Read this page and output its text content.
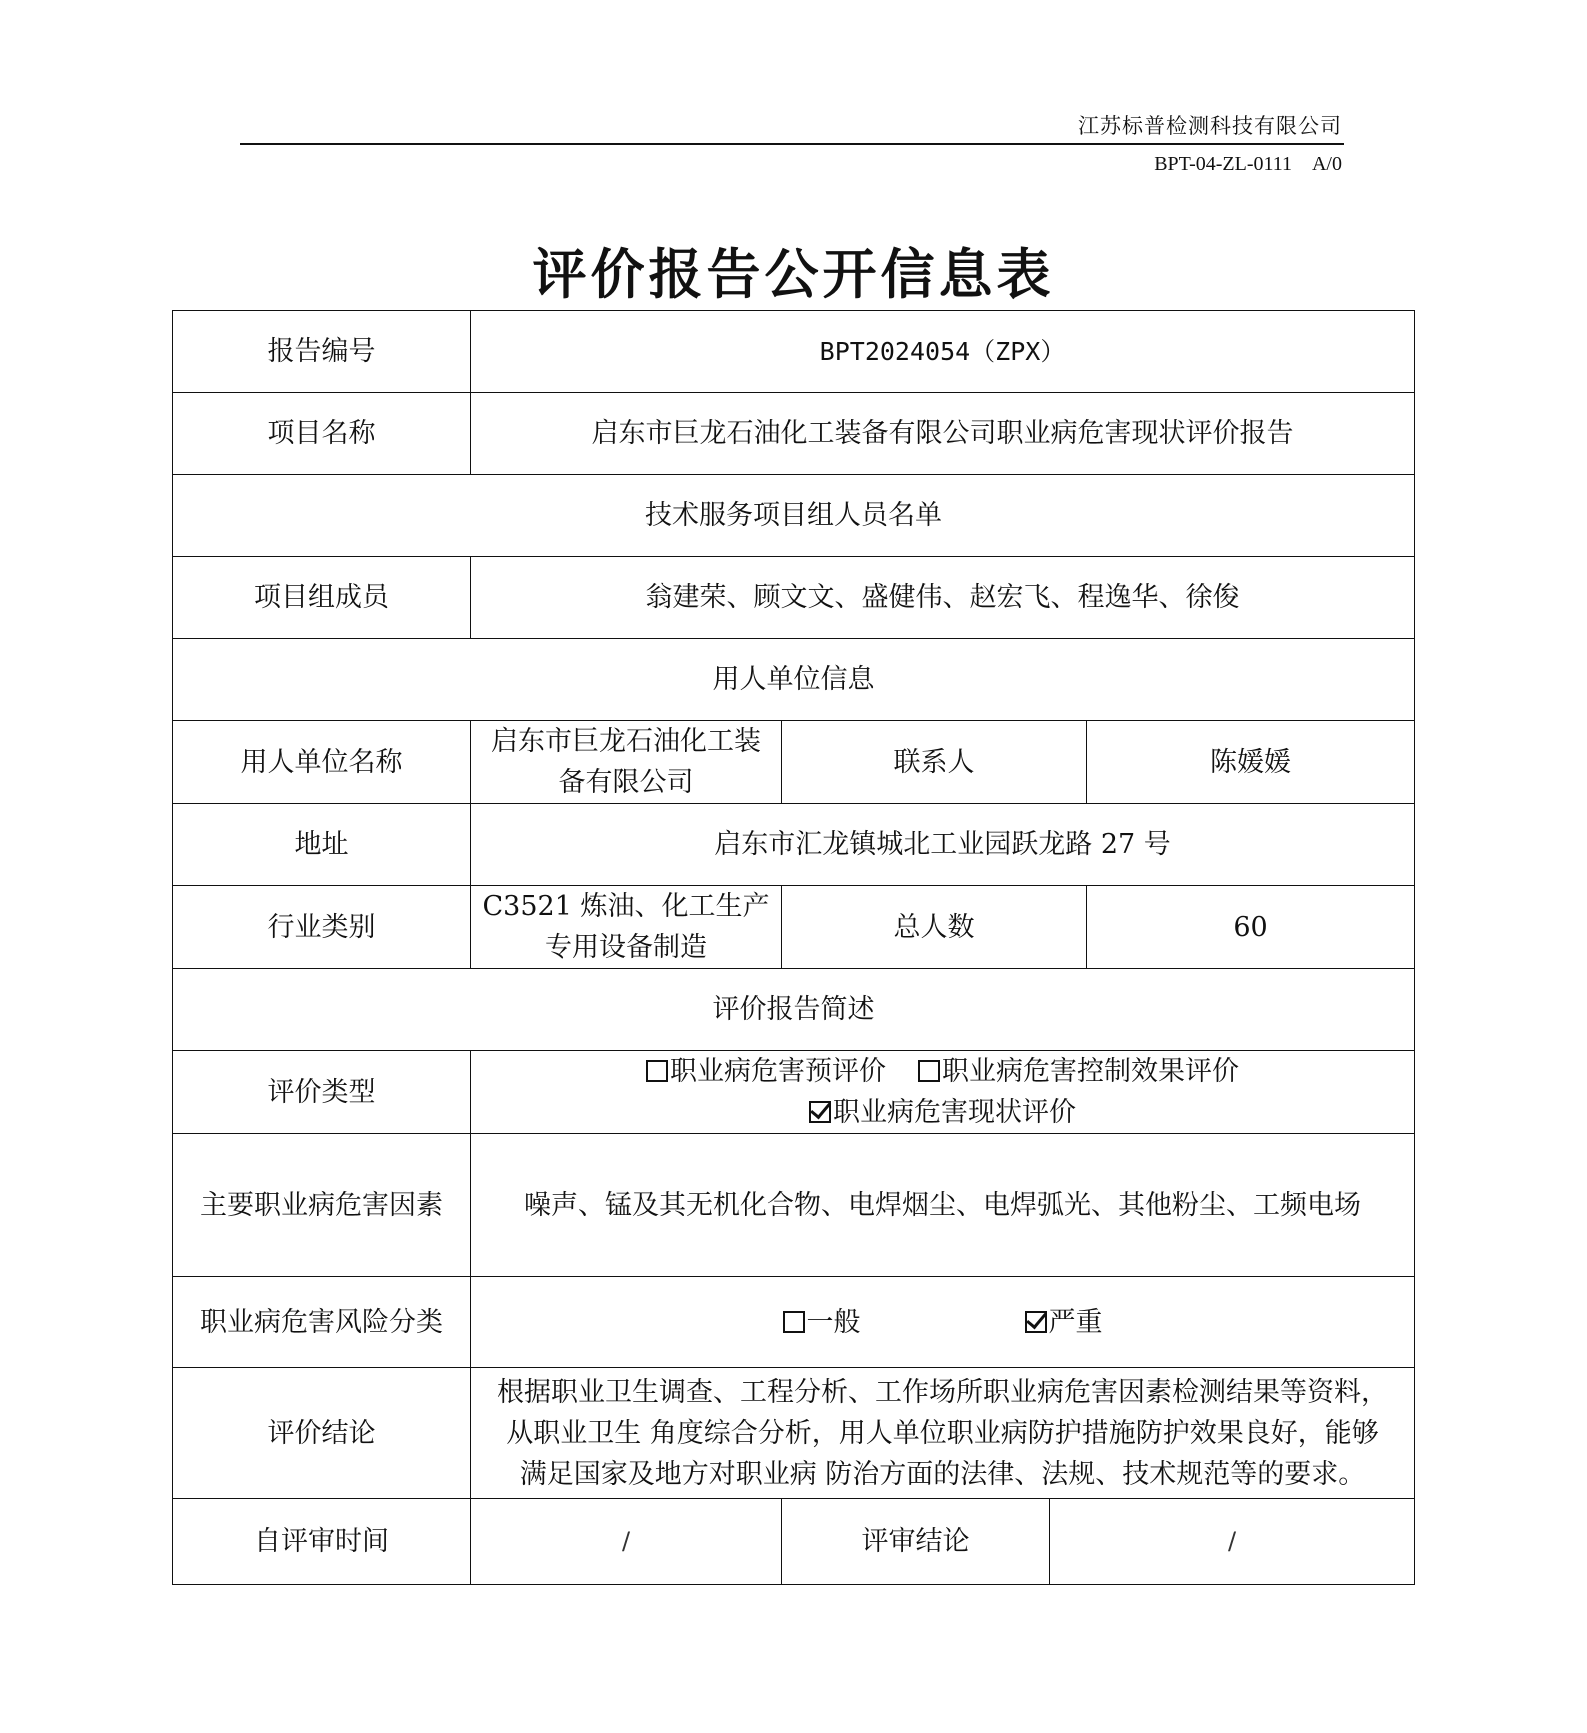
江苏标普检测科技有限公司
BPT-04-ZL-0111　A/0
评价报告公开信息表
报告编号	BPT2024054（ZPX）			
项目名称	启东市巨龙石油化工装备有限公司职业病危害现状评价报告			
技术服务项目组人员名单				
项目组成员	翁建荣、顾文文、盛健伟、赵宏飞、程逸华、徐俊			
用人单位信息				
用人单位名称	启东市巨龙石油化工装备有限公司	联系人		陈媛媛
地址	启东市汇龙镇城北工业园跃龙路 27 号			
行业类别	C3521 炼油、化工生产专用设备制造	总人数		60
评价报告简述				
评价类型	职业病危害预评价 职业病危害控制效果评价职业病危害现状评价			
主要职业病危害因素	噪声、锰及其无机化合物、电焊烟尘、电焊弧光、其他粉尘、工频电场			
职业病危害风险分类	一般 严重			
评价结论	根据职业卫生调查、工程分析、工作场所职业病危害因素检测结果等资料，
从职业卫生 角度综合分析，用人单位职业病防护措施防护效果良好，能够
满足国家及地方对职业病 防治方面的法律、法规、技术规范等的要求。			

自评审时间	/	评审结论	/	
